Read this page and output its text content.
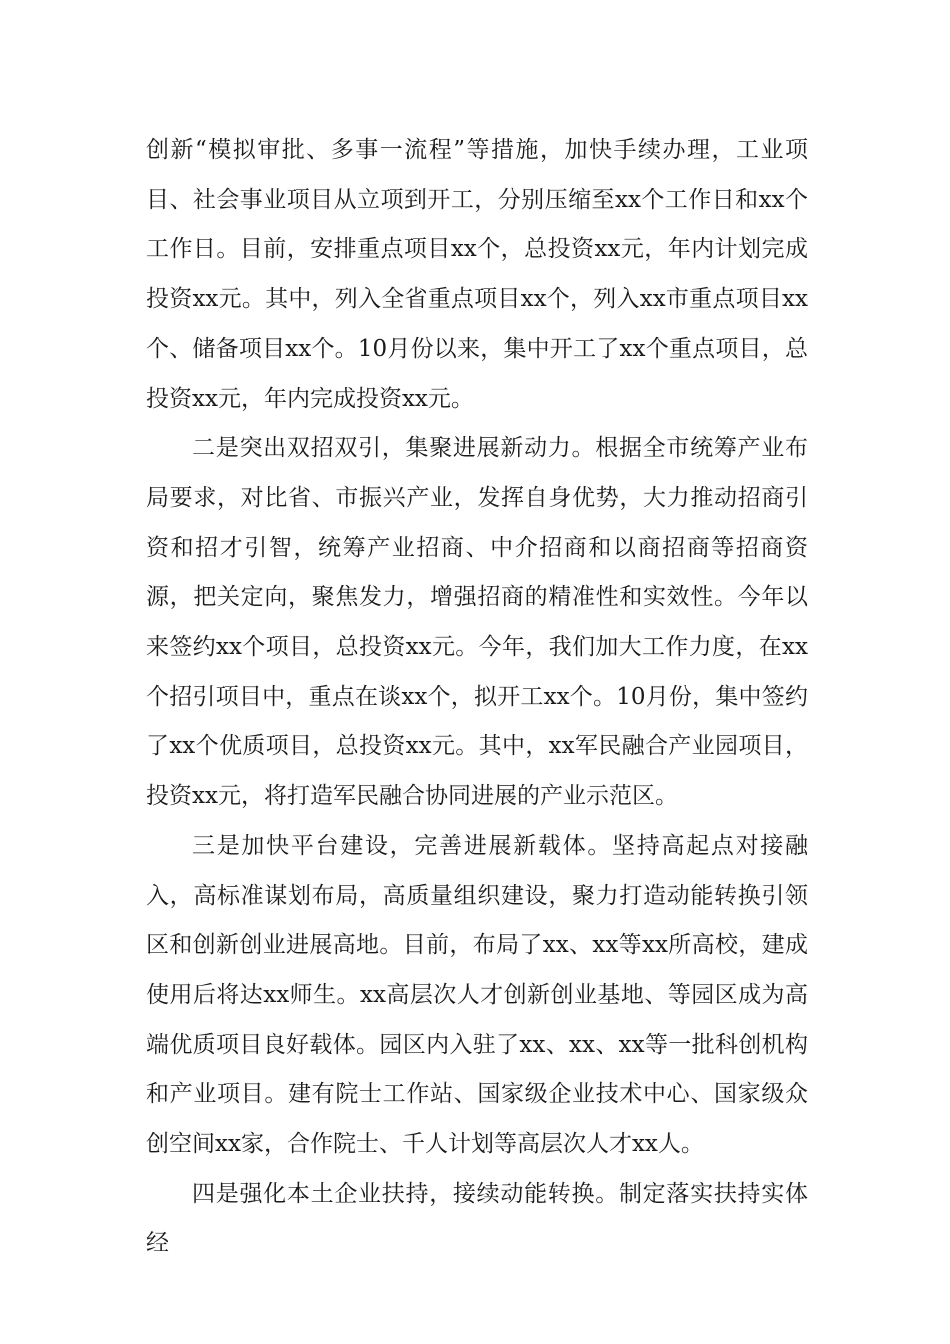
创新“模拟审批、多事一流程”等措施，加快手续办理，工业项目、社会事业项目从立项到开工，分别压缩至xx个工作日和xx个工作日。目前，安排重点项目xx个，总投资xx元，年内计划完成投资xx元。其中，列入全省重点项目xx个，列入xx市重点项目xx个、储备项目xx个。10月份以来，集中开工了xx个重点项目，总投资xx元，年内完成投资xx元。

二是突出双招双引，集聚进展新动力。根据全市统筹产业布局要求，对比省、市振兴产业，发挥自身优势，大力推动招商引资和招才引智，统筹产业招商、中介招商和以商招商等招商资源，把关定向，聚焦发力，增强招商的精准性和实效性。今年以来签约xx个项目，总投资xx元。今年，我们加大工作力度，在xx个招引项目中，重点在谈xx个，拟开工xx个。10月份，集中签约了xx个优质项目，总投资xx元。其中，xx军民融合产业园项目，投资xx元，将打造军民融合协同进展的产业示范区。

三是加快平台建设，完善进展新载体。坚持高起点对接融入，高标准谋划布局，高质量组织建设，聚力打造动能转换引领区和创新创业进展高地。目前，布局了xx、xx等xx所高校，建成使用后将达xx师生。xx高层次人才创新创业基地、等园区成为高端优质项目良好载体。园区内入驻了xx、xx、xx等一批科创机构和产业项目。建有院士工作站、国家级企业技术中心、国家级众创空间xx家，合作院士、千人计划等高层次人才xx人。

四是强化本土企业扶持，接续动能转换。制定落实扶持实体经
